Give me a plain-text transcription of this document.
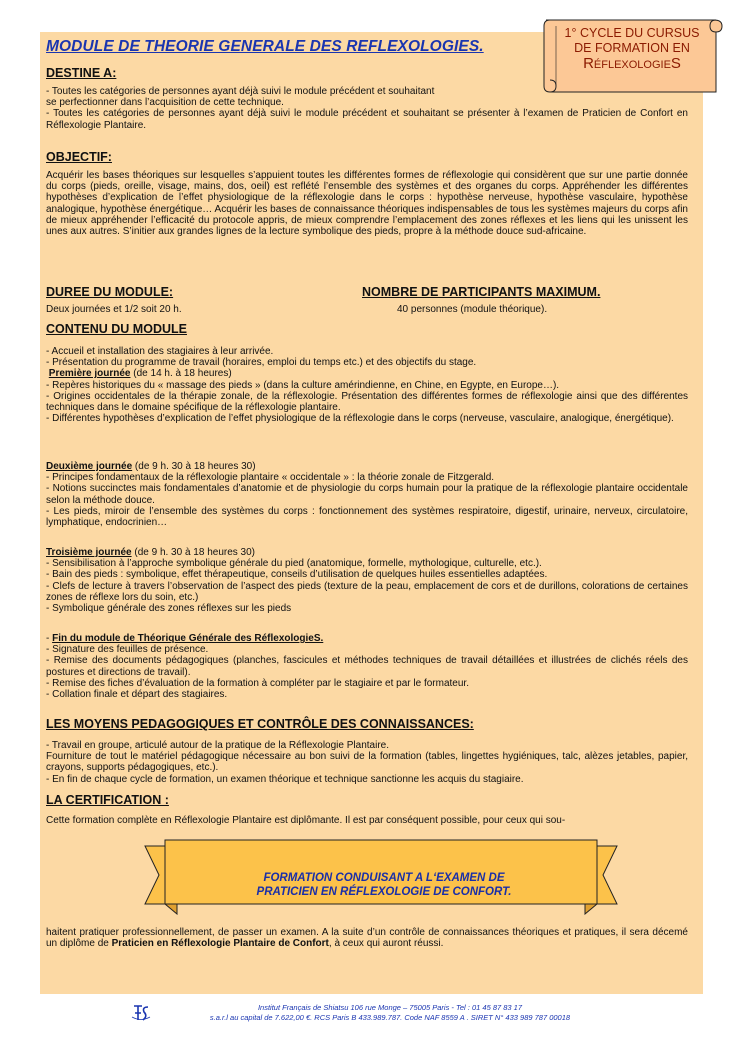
MODULE DE THEORIE GENERALE DES REFLEXOLOGIES.
1° CYCLE DU CURSUS
DE FORMATION EN
RéflexologieS
DESTINE A:

- Toutes les catégories de personnes ayant déjà suivi le module précédent et souhaitant

se perfectionner dans l’acquisition de cette technique.

- Toutes les catégories de personnes ayant déjà suivi le module précédent et souhaitant se présenter à l’examen de Praticien de Confort en Réflexologie Plantaire.

OBJECTIF:

Acquérir les bases théoriques sur lesquelles s’appuient toutes les différentes formes de réflexologie qui considèrent que sur une partie donnée du corps (pieds, oreille, visage, mains, dos, oeil) est reflété l’ensemble des systèmes et des organes du corps. Appréhender les différentes hypothèses d’explication de l’effet physiologique de la réflexologie dans le corps : hypothèse nerveuse, hypothèse vasculaire, hypothèse analogique, hypothèse énergétique… Acquérir les bases de connaissance théoriques indispensables de tous les systèmes majeurs du corps afin de mieux appréhender l’efficacité du protocole appris, de mieux comprendre l’emplacement des zones réflexes et les liens qui les unissent les unes aux autres. S’initier aux grandes lignes de la lecture symbolique des pieds, propre à la méthode douce sud-africaine.

DUREE DU MODULE:
Deux journées et 1/2 soit 20 h.
NOMBRE DE PARTICIPANTS MAXIMUM.
40 personnes (module théorique).
CONTENU DU MODULE

- Accueil et installation des stagiaires à leur arrivée.

- Présentation du programme de travail (horaires, emploi du temps etc.) et des objectifs du stage.

Première journée (de 14 h. à 18 heures)

- Repères historiques du « massage des pieds » (dans la culture amérindienne, en Chine, en Egypte, en Europe…).

- Origines occidentales de la thérapie zonale, de la réflexologie. Présentation des différentes formes de réflexologie ainsi que des différentes techniques dans le domaine spécifique de la réflexologie plantaire.

- Différentes hypothèses d’explication de l’effet physiologique de la réflexologie dans le corps (nerveuse, vasculaire, analogique, énergétique).

Deuxième journée (de 9 h. 30 à 18 heures 30)

- Principes fondamentaux de la réflexologie plantaire « occidentale » : la théorie zonale de Fitzgerald.

- Notions succinctes mais fondamentales d’anatomie et de physiologie du corps humain pour la pratique de la réflexologie plantaire occidentale selon la méthode douce.

- Les pieds, miroir de l’ensemble des systèmes du corps : fonctionnement des systèmes respiratoire, digestif, urinaire, nerveux, circulatoire, lymphatique, endocrinien…

Troisième journée (de 9 h. 30 à 18 heures 30)

- Sensibilisation à l’approche symbolique générale du pied (anatomique, formelle, mythologique, culturelle, etc.).

- Bain des pieds : symbolique, effet thérapeutique, conseils d’utilisation de quelques huiles essentielles adaptées.

- Clefs de lecture à travers l’observation de l’aspect des pieds (texture de la peau, emplacement de cors et de durillons, colorations de certaines zones de réflexe lors du soin, etc.)

- Symbolique générale des zones réflexes sur les pieds

- Fin du module de Théorique Générale des RéflexologieS.

- Signature des feuilles de présence.

- Remise des documents pédagogiques (planches, fascicules et méthodes techniques de travail détaillées et illustrées de clichés réels des postures et directions de travail).

- Remise des fiches d’évaluation de la formation à compléter par le stagiaire et par le formateur.

- Collation finale et départ des stagiaires.

LES MOYENS PEDAGOGIQUES ET CONTRÔLE DES CONNAISSANCES:

- Travail en groupe, articulé autour de la pratique de la Réflexologie Plantaire.

Fourniture de tout le matériel pédagogique nécessaire au bon suivi de la formation (tables, lingettes hygiéniques, talc, alèzes jetables, papier, crayons, supports pédagogiques, etc.).

- En fin de chaque cycle de formation, un examen théorique et technique sanctionne les acquis du stagiaire.

LA CERTIFICATION :

Cette formation complète en Réflexologie Plantaire est diplômante. Il est par conséquent possible, pour ceux qui sou-

FORMATION CONDUISANT A L‘EXAMEN DE
PRATICIEN EN RÉFLEXOLOGIE DE CONFORT.

haitent pratiquer professionnellement, de passer un examen. A la suite d’un contrôle de connaissances théoriques et pratiques, il sera décemé un diplôme de Praticien en Réflexologie Plantaire de Confort, à ceux qui auront réussi.

Institut Français de Shiatsu 106 rue Monge – 75005 Paris - Tel : 01 45 87 83 17
s.a.r.l au capital de 7.622,00 €. RCS Paris B 433.989.787. Code NAF 8559 A . SIRET N° 433 989 787 00018
